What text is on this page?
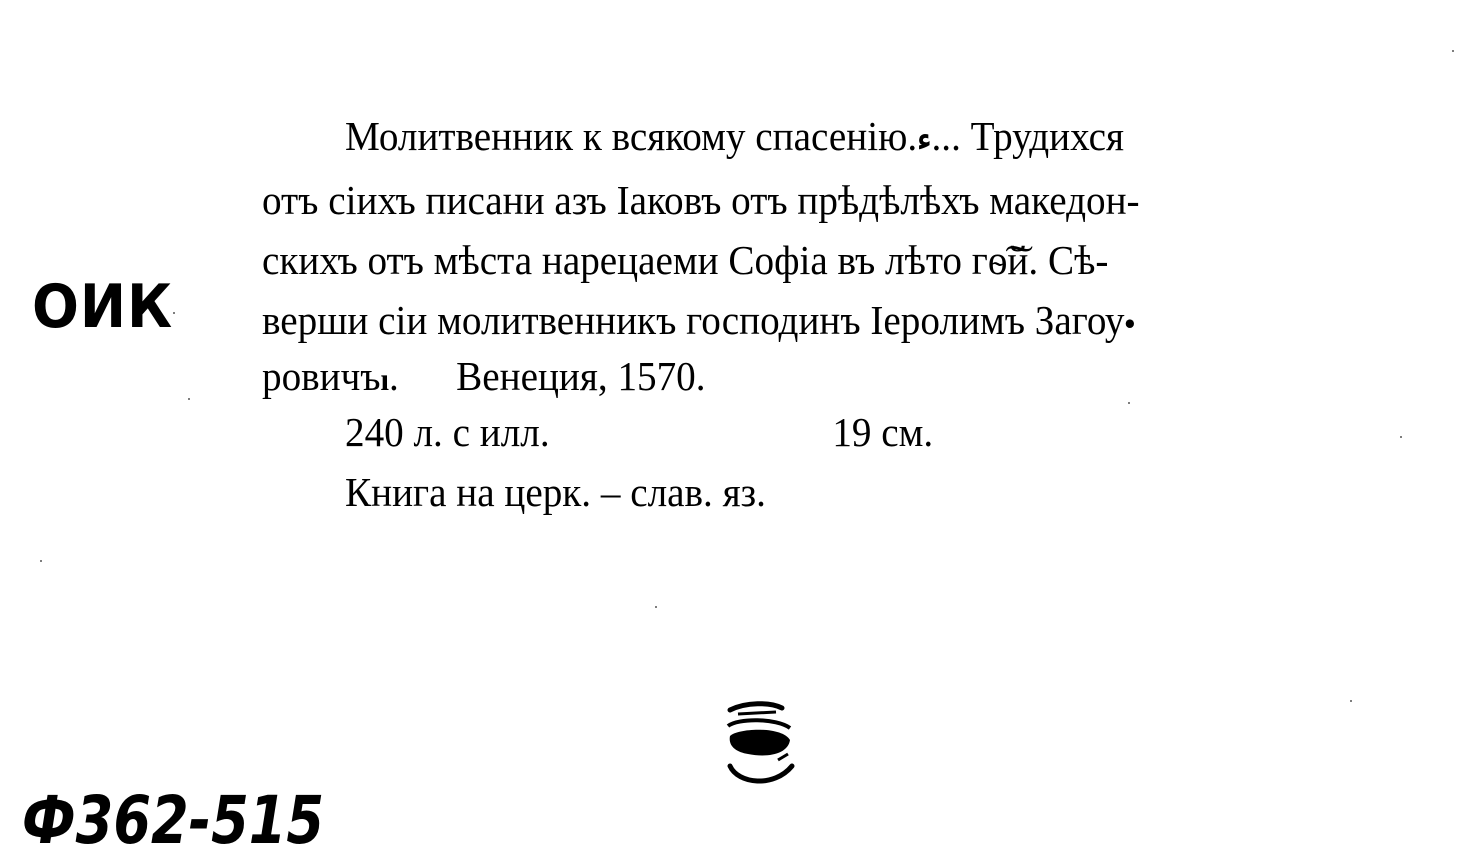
ОИК
Молитвенник к всякому спасенію.ﺀ... Трудихся
отъ сіихъ писани азъ Іаковъ отъ прѣдѣлѣхъ македон-
скихъ отъ мѣста нарецаеми Софіа въ лѣто гѳ͠й. Сѣ-
верши сіи молитвенникъ господинъ Іеролимъ Загоу•
ровичъı. Венеция, 1570.
240 л. с илл.	19 см.
Книга на церк. – слав. яз.
Ф362-515
